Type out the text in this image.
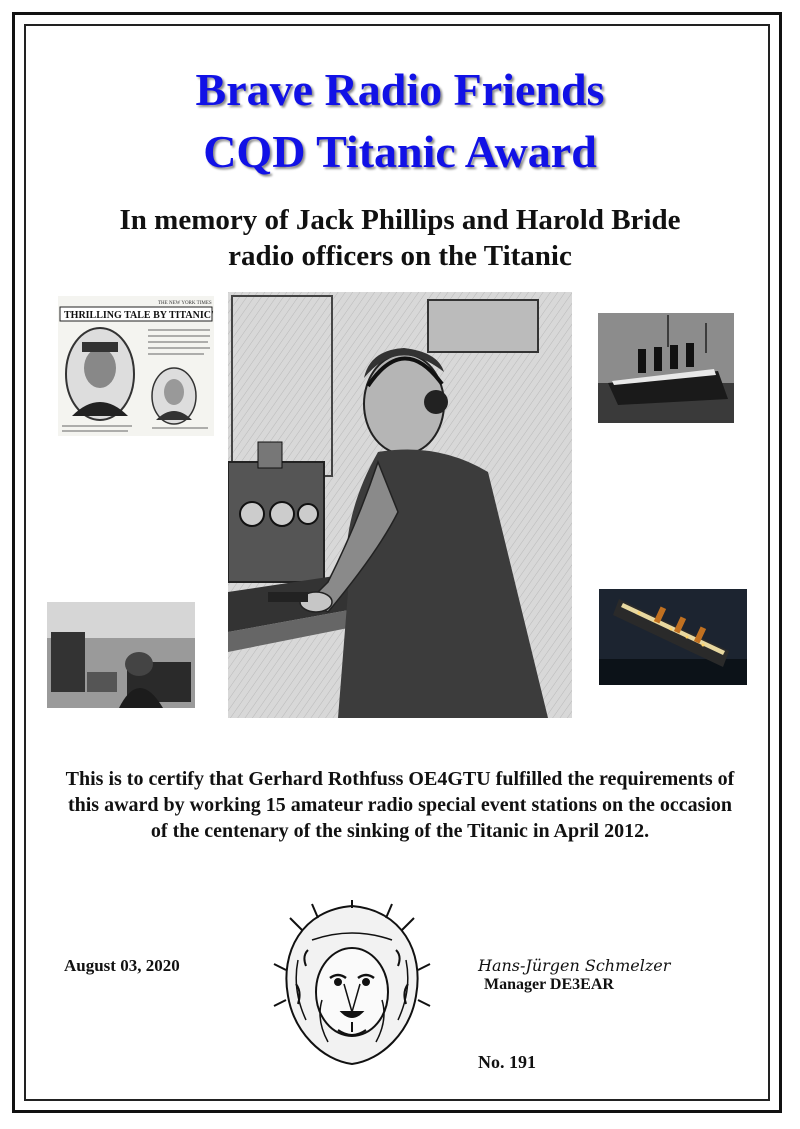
Brave Radio Friends
CQD Titanic Award
In memory of Jack Phillips and Harold Bride
radio officers on the Titanic
THE NEW YORK TIMES
THRILLING TALE BY TITANIC'
This is to certify that Gerhard Rothfuss OE4GTU fulfilled the requirements of this award by working 15 amateur radio special event stations on the occasion of the centenary of the sinking of the Titanic in April 2012.
August 03, 2020	Hans-Jürgen Schmelzer
Manager DE3EAR
No. 191
